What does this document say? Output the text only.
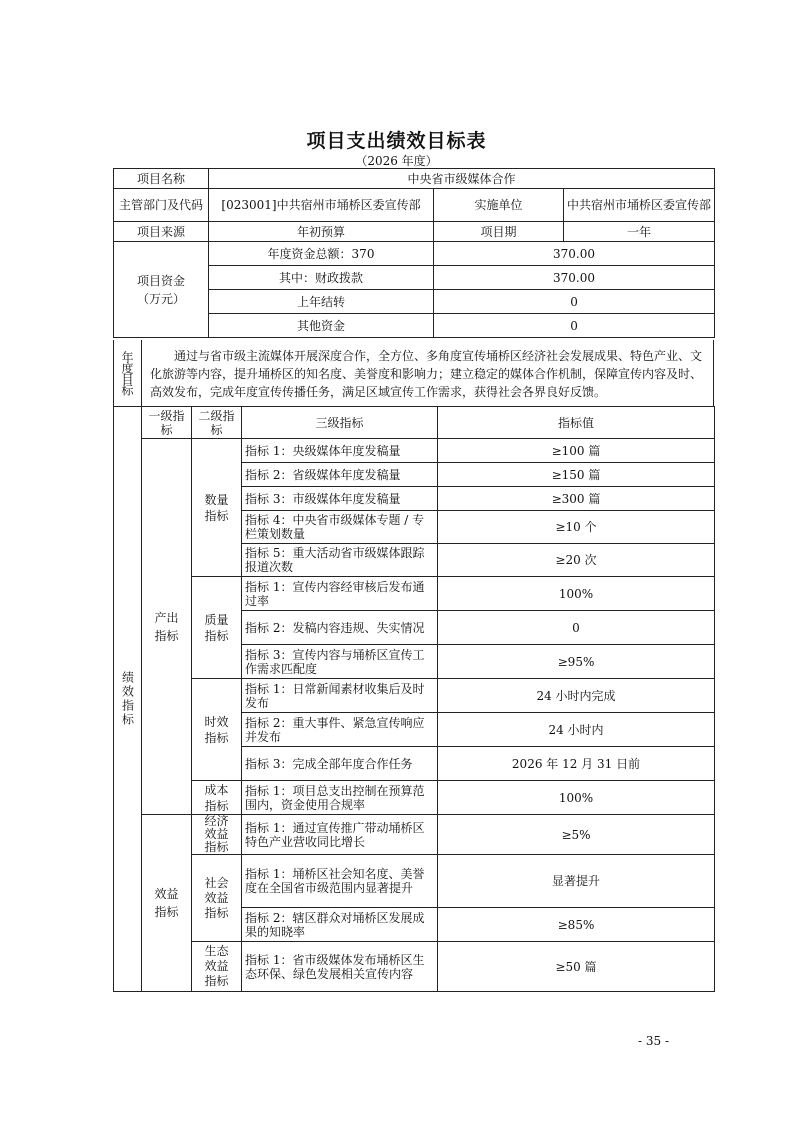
项目支出绩效目标表
（2026 年度）
项目名称	中央省市级媒体合作		
主管部门及代码	[023001]中共宿州市埇桥区委宣传部	实施单位	中共宿州市埇桥区委宣传部
项目来源	年初预算	项目期	一年
项目资金（万元）	年度资金总额：370	370.00	
	其中：财政拨款	370.00	
	上年结转	0	
	其他资金	0	
年度目标	通过与省市级主流媒体开展深度合作，全方位、多角度宣传埇桥区经济社会发展成果、特色产业、文化旅游等内容，提升埇桥区的知名度、美誉度和影响力；建立稳定的媒体合作机制，保障宣传内容及时、高效发布，完成年度宣传传播任务，满足区域宣传工作需求，获得社会各界良好反馈。
绩效指标	一级指标	二级指标	三级指标	指标值
	产出指标	数量指标	指标 1：央级媒体年度发稿量	≥100 篇
			指标 2：省级媒体年度发稿量	≥150 篇
			指标 3：市级媒体年度发稿量	≥300 篇
			指标 4：中央省市级媒体专题 / 专栏策划数量	≥10 个
			指标 5：重大活动省市级媒体跟踪报道次数	≥20 次
		质量指标	指标 1：宣传内容经审核后发布通过率	100%
			指标 2：发稿内容违规、失实情况	0
			指标 3：宣传内容与埇桥区宣传工作需求匹配度	≥95%
		时效指标	指标 1：日常新闻素材收集后及时发布	24 小时内完成
			指标 2：重大事件、紧急宣传响应并发布	24 小时内
			指标 3：完成全部年度合作任务	2026 年 12 月 31 日前
		成本指标	指标 1：项目总支出控制在预算范围内，资金使用合规率	100%
	效益指标	经济效益指标	指标 1：通过宣传推广带动埇桥区特色产业营收同比增长	≥5%
		社会效益指标	指标 1：埇桥区社会知名度、美誉度在全国省市级范围内显著提升	显著提升
			指标 2：辖区群众对埇桥区发展成果的知晓率	≥85%
		生态效益指标	指标 1：省市级媒体发布埇桥区生态环保、绿色发展相关宣传内容	≥50 篇
- 35 -
